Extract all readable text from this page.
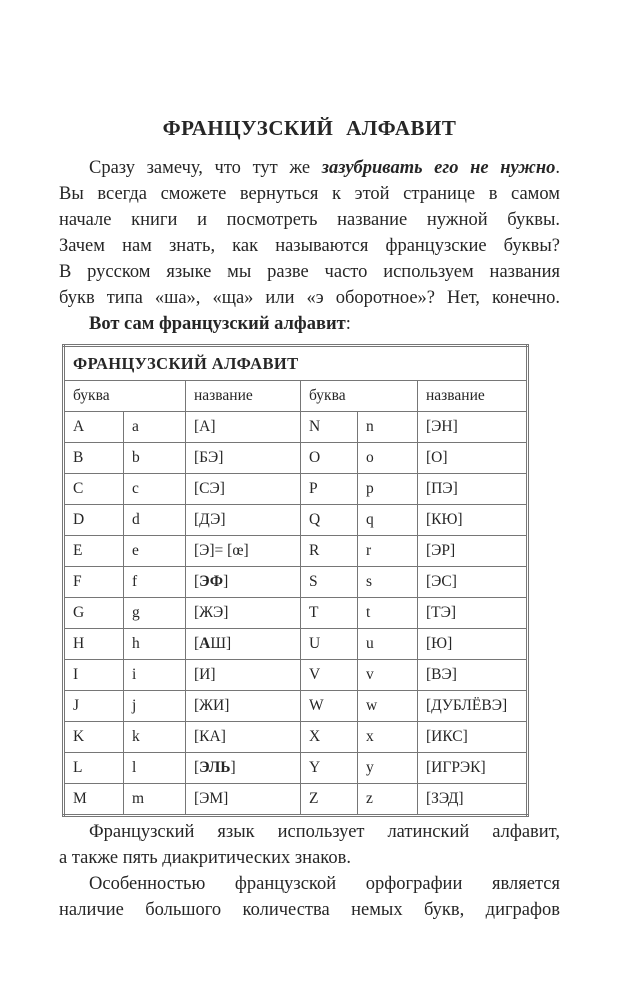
ФРАНЦУЗСКИЙ АЛФАВИТ
Сразу замечу, что тут же зазубривать его не нужно.
Вы всегда сможете вернуться к этой странице в самом
начале книги и посмотреть название нужной буквы.
Зачем нам знать, как называются французские буквы?
В русском языке мы разве часто используем названия
букв типа «ша», «ща» или «э оборотное»? Нет, конечно.
Вот сам французский алфавит:
ФРАНЦУЗСКИЙ АЛФАВИТ					
буква		название	буква		название
A	a	[А]	N	n	[ЭН]
B	b	[БЭ]	O	o	[О]
C	c	[СЭ]	P	p	[ПЭ]
D	d	[ДЭ]	Q	q	[КЮ]
E	e	[Э]= [œ]	R	r	[ЭР]
F	f	[ЭФ]	S	s	[ЭС]
G	g	[ЖЭ]	T	t	[ТЭ]
H	h	[АШ]	U	u	[Ю]
I	i	[И]	V	v	[ВЭ]
J	j	[ЖИ]	W	w	[ДУБЛЁВЭ]
K	k	[КА]	X	x	[ИКС]
L	l	[ЭЛЬ]	Y	y	[ИГРЭК]
M	m	[ЭМ]	Z	z	[ЗЭД]
Французский язык использует латинский алфавит,
а также пять диакритических знаков.
Особенностью французской орфографии является
наличие большого количества немых букв, диграфов
